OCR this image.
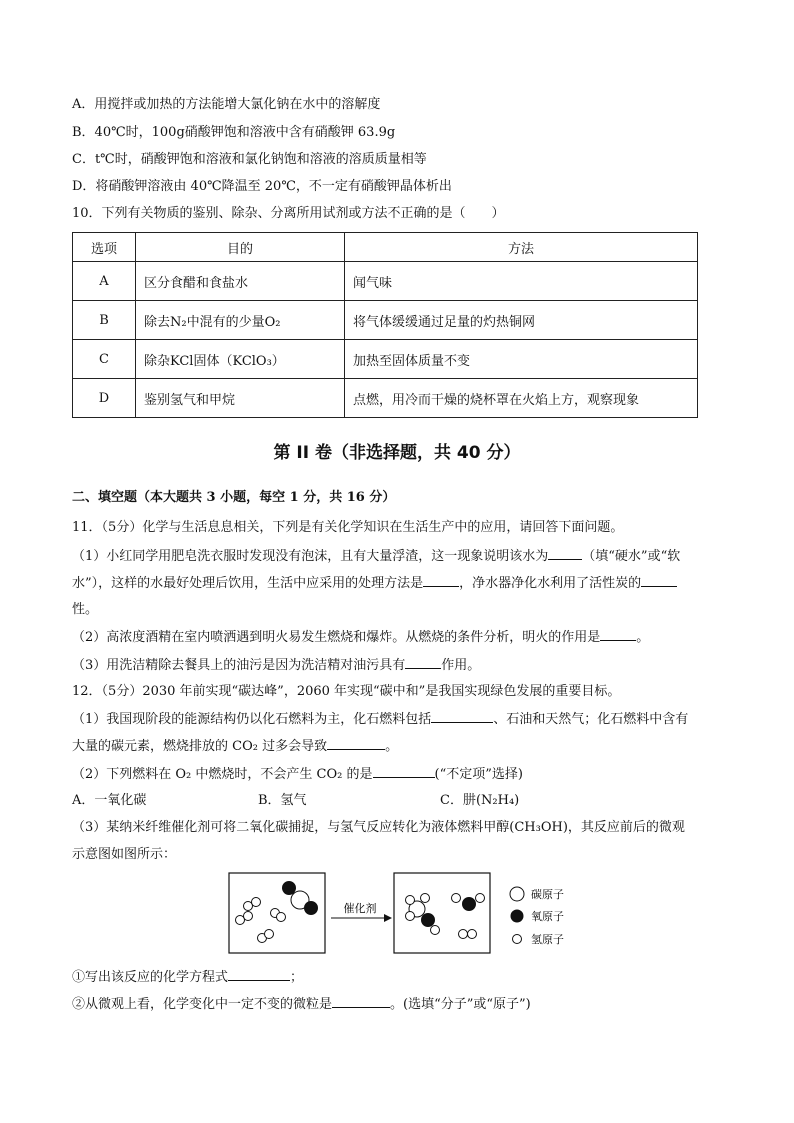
A．用搅拌或加热的方法能增大氯化钠在水中的溶解度
B．40℃时，100g硝酸钾饱和溶液中含有硝酸钾 63.9g
C．t℃时，硝酸钾饱和溶液和氯化钠饱和溶液的溶质质量相等
D．将硝酸钾溶液由 40℃降温至 20℃，不一定有硝酸钾晶体析出
10．下列有关物质的鉴别、除杂、分离所用试剂或方法不正确的是（　　）
选项	目的	方法
A	区分食醋和食盐水	闻气味
B	除去N₂中混有的少量O₂	将气体缓缓通过足量的灼热铜网
C	除杂KCl固体（KClO₃）	加热至固体质量不变
D	鉴别氢气和甲烷	点燃，用冷而干燥的烧杯罩在火焰上方，观察现象
第 II 卷（非选择题，共 40 分）
二、填空题（本大题共 3 小题，每空 1 分，共 16 分）
11．（5分）化学与生活息息相关，下列是有关化学知识在生活生产中的应用，请回答下面问题。
（1）小红同学用肥皂洗衣服时发现没有泡沫，且有大量浮渣，这一现象说明该水为	（填“硬水”或“软
水”），这样的水最好处理后饮用，生活中应采用的处理方法是	，净水器净化水利用了活性炭的
性。
（2）高浓度酒精在室内喷洒遇到明火易发生燃烧和爆炸。从燃烧的条件分析，明火的作用是	。
（3）用洗洁精除去餐具上的油污是因为洗洁精对油污具有	作用。
12．（5分）2030 年前实现“碳达峰”，2060 年实现“碳中和”是我国实现绿色发展的重要目标。
（1）我国现阶段的能源结构仍以化石燃料为主，化石燃料包括	、石油和天然气；化石燃料中含有
大量的碳元素，燃烧排放的 CO₂ 过多会导致	。
（2）下列燃料在 O₂ 中燃烧时，不会产生 CO₂ 的是	(“不定项”选择)
A．一氧化碳	B．氢气	C．肼(N₂H₄)
（3）某纳米纤维催化剂可将二氧化碳捕捉，与氢气反应转化为液体燃料甲醇(CH₃OH)，其反应前后的微观
示意图如图所示：
催化剂
碳原子
氧原子
氢原子
①写出该反应的化学方程式	；
②从微观上看，化学变化中一定不变的微粒是	。(选填“分子”或“原子”)
